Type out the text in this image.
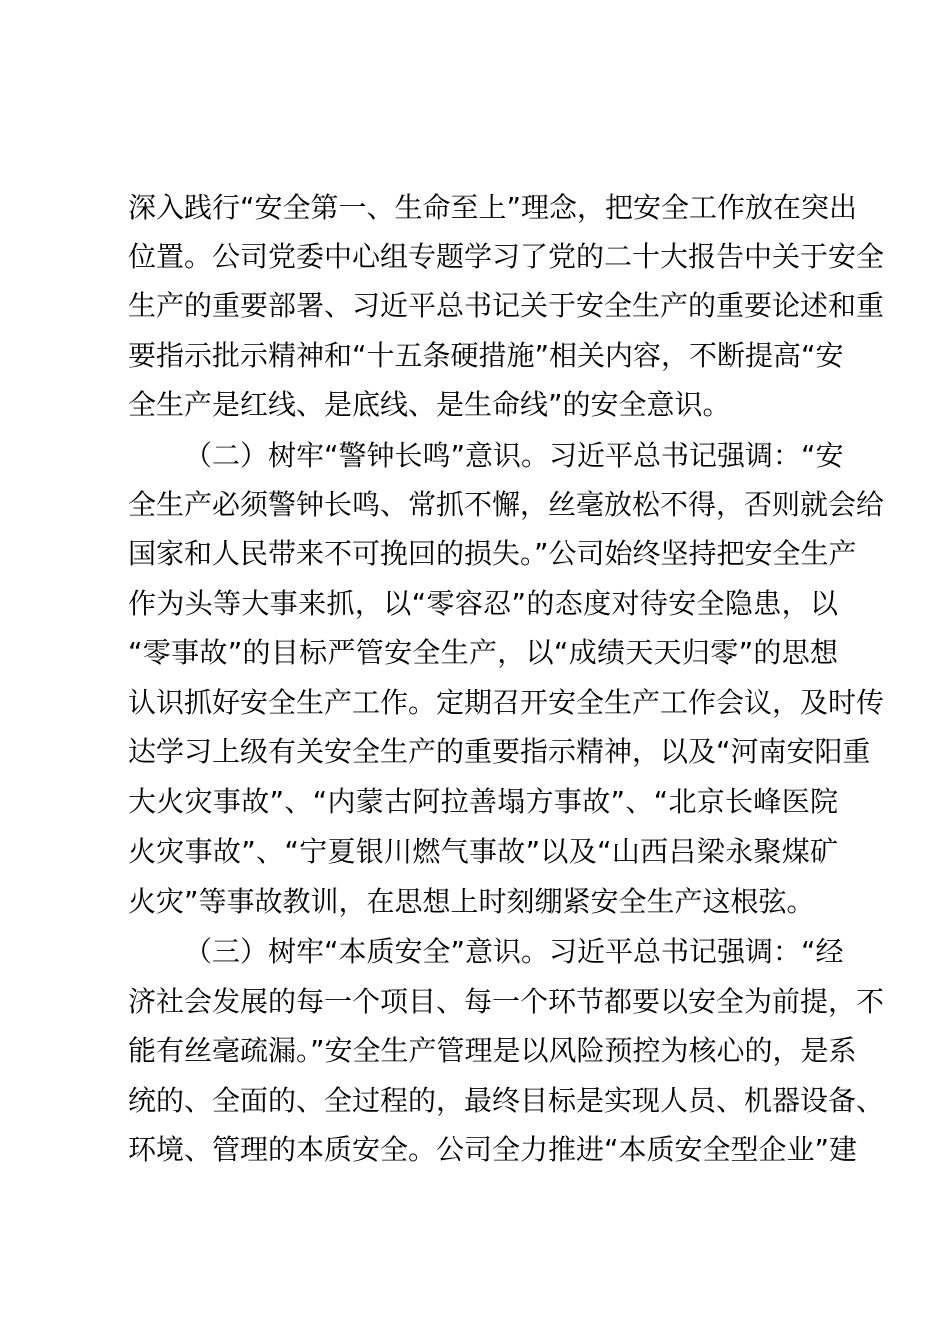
深入践行“安全第一、生命至上”理念，把安全工作放在突出
位置。公司党委中心组专题学习了党的二十大报告中关于安全
生产的重要部署、习近平总书记关于安全生产的重要论述和重
要指示批示精神和“十五条硬措施”相关内容，不断提高“安
全生产是红线、是底线、是生命线”的安全意识。
（二）树牢“警钟长鸣”意识。习近平总书记强调：“安
全生产必须警钟长鸣、常抓不懈，丝毫放松不得，否则就会给
国家和人民带来不可挽回的损失。”公司始终坚持把安全生产
作为头等大事来抓，以“零容忍”的态度对待安全隐患，以
“零事故”的目标严管安全生产，以“成绩天天归零”的思想
认识抓好安全生产工作。定期召开安全生产工作会议，及时传
达学习上级有关安全生产的重要指示精神，以及“河南安阳重
大火灾事故”、“内蒙古阿拉善塌方事故”、“北京长峰医院
火灾事故”、“宁夏银川燃气事故”以及“山西吕梁永聚煤矿
火灾”等事故教训，在思想上时刻绷紧安全生产这根弦。
（三）树牢“本质安全”意识。习近平总书记强调：“经
济社会发展的每一个项目、每一个环节都要以安全为前提，不
能有丝毫疏漏。”安全生产管理是以风险预控为核心的，是系
统的、全面的、全过程的，最终目标是实现人员、机器设备、
环境、管理的本质安全。公司全力推进“本质安全型企业”建
